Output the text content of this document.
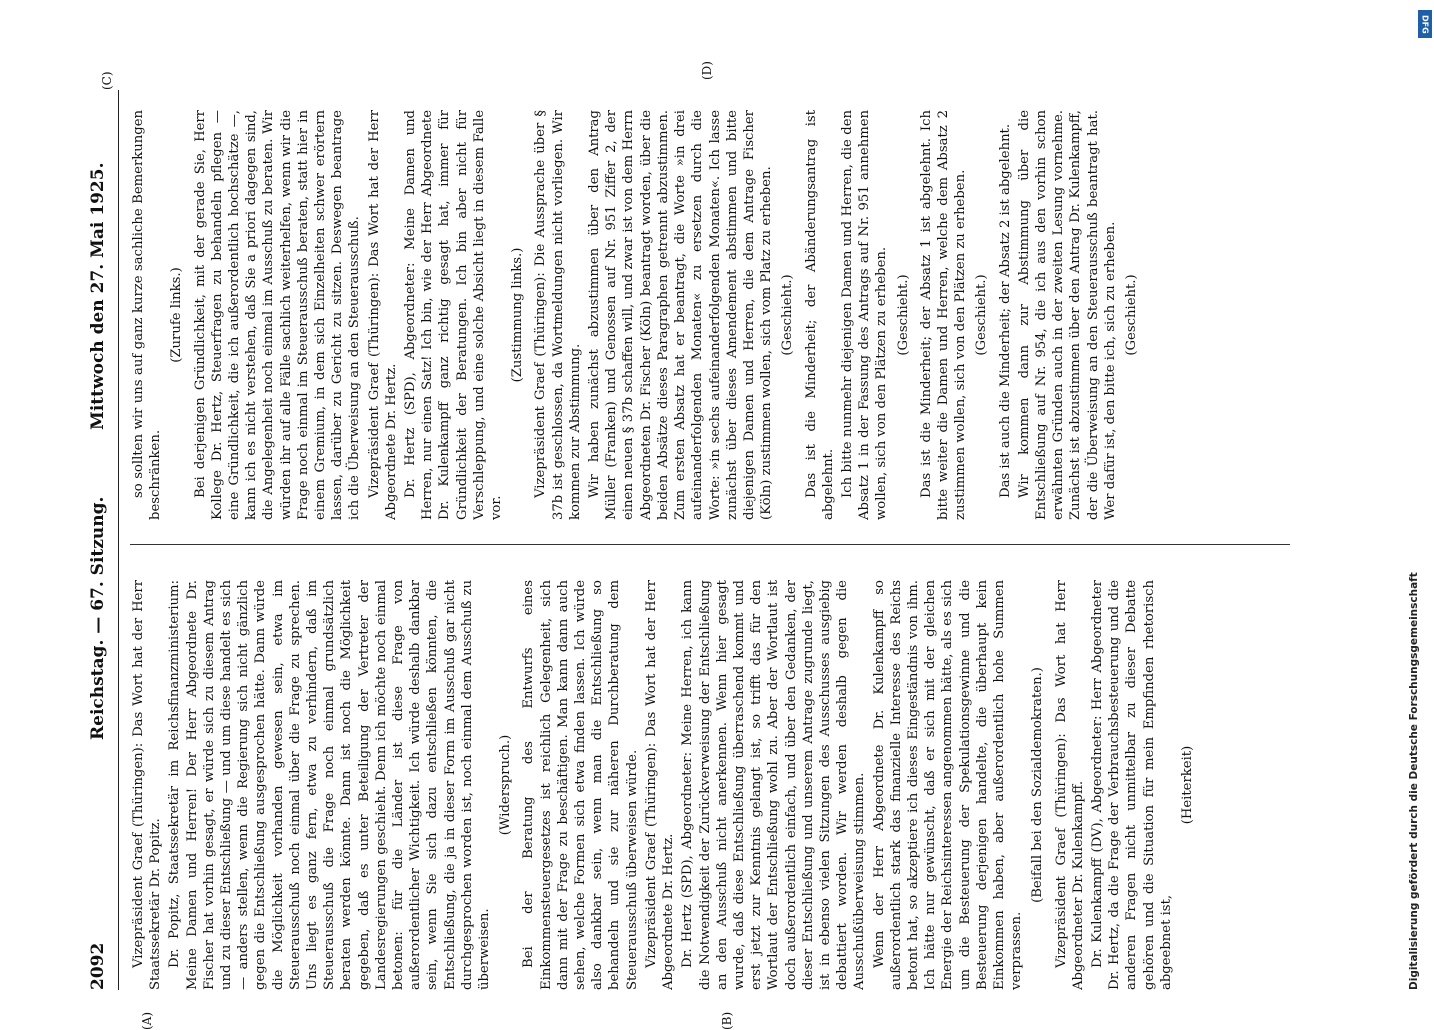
2092
Reichstag. — 67. Sitzung.
Mittwoch den 27. Mai 1925.
(A)	(B)
(C)
(D)

Vizepräsident Graef (Thüringen): Das Wort hat der Herr Staatssekretär Dr. Popitz. Dr. Popitz, Staatssekretär im Reichsfinanzministerium: Meine Damen und Herren! Der Herr Abgeordnete Dr. Fischer hat vorhin gesagt, er würde sich zu diesem Antrag und zu dieser Entschließung — und um diese handelt es sich — anders stellen, wenn die Regierung sich nicht gänzlich gegen die Entschließung ausgesprochen hätte. Dann würde die Möglichkeit vorhanden gewesen sein, etwa im Steuerausschuß noch einmal über die Frage zu sprechen. Uns liegt es ganz fern, etwa zu verhindern, daß im Steuerausschuß die Frage noch einmal grundsätzlich beraten werden könnte. Dann ist noch die Möglichkeit gegeben, daß es unter Beteiligung der Vertreter der Landesregierungen geschieht. Denn ich möchte noch einmal betonen: für die Länder ist diese Frage von außerordentlicher Wichtigkeit. Ich würde deshalb dankbar sein, wenn Sie sich dazu entschließen könnten, die Entschließung, die ja in dieser Form im Ausschuß gar nicht durchgesprochen worden ist, noch einmal dem Ausschuß zu überweisen.

(Widerspruch.) Bei der Beratung des Entwurfs eines Einkommensteuergesetzes ist reichlich Gelegenheit, sich dann mit der Frage zu beschäftigen. Man kann dann auch sehen, welche Formen sich etwa finden lassen. Ich würde also dankbar sein, wenn man die Entschließung so behandeln und sie zur näheren Durchberatung dem Steuerausschuß überweisen würde. Vizepräsident Graef (Thüringen): Das Wort hat der Herr Abgeordnete Dr. Hertz. Dr. Hertz (SPD), Abgeordneter: Meine Herren, ich kann die Notwendigkeit der Zurückverweisung der Entschließung an den Ausschuß nicht anerkennen. Wenn hier gesagt wurde, daß diese Entschließung überraschend kommt und erst jetzt zur Kenntnis gelangt ist, so trifft das für den Wortlaut der Entschließung wohl zu. Aber der Wortlaut ist doch außerordentlich einfach, und über den Gedanken, der dieser Entschließung und unserem Antrage zugrunde liegt, ist in ebenso vielen Sitzungen des Ausschusses ausgiebig debattiert worden. Wir werden deshalb gegen die Ausschußüberweisung stimmen. Wenn der Herr Abgeordnete Dr. Kulenkampff so außerordentlich stark das finanzielle Interesse des Reichs betont hat, so akzeptiere ich dieses Eingeständnis von ihm. Ich hätte nur gewünscht, daß er sich mit der gleichen Energie der Reichsinteressen angenommen hätte, als es sich um die Besteuerung der Spekulationsgewinne und die Besteuerung derjenigen handelte, die überhaupt kein Einkommen haben, aber außerordentlich hohe Summen verprassen.

(Beifall bei den Sozialdemokraten.) Vizepräsident Graef (Thüringen): Das Wort hat Herr Abgeordneter Dr. Kulenkampff. Dr. Kulenkampff (DV), Abgeordneter: Herr Abgeordneter Dr. Hertz, da die Frage der Verbrauchsbesteuerung und die anderen Fragen nicht unmittelbar zu dieser Debatte gehören und die Situation für mein Empfinden rhetorisch abgeebnet ist,

(Heiterkeit)

so sollten wir uns auf ganz kurze sachliche Bemerkungen beschränken.

(Zurufe links.) Bei derjenigen Gründlichkeit, mit der gerade Sie, Herr Kollege Dr. Hertz, Steuerfragen zu behandeln pflegen — eine Gründlichkeit, die ich außerordentlich hochschätze —, kann ich es nicht verstehen, daß Sie a priori dagegen sind, die Angelegenheit noch einmal im Ausschuß zu beraten. Wir würden ihr auf alle Fälle sachlich weiterhelfen, wenn wir die Frage noch einmal im Steuerausschuß beraten, statt hier in einem Gremium, in dem sich Einzelheiten schwer erörtern lassen, darüber zu Gericht zu sitzen. Deswegen beantrage ich die Überweisung an den Steuerausschuß. Vizepräsident Graef (Thüringen): Das Wort hat der Herr Abgeordnete Dr. Hertz. Dr. Hertz (SPD), Abgeordneter: Meine Damen und Herren, nur einen Satz! Ich bin, wie der Herr Abgeordnete Dr. Kulenkampff ganz richtig gesagt hat, immer für Gründlichkeit der Beratungen. Ich bin aber nicht für Verschleppung, und eine solche Absicht liegt in diesem Falle vor.

(Zustimmung links.) Vizepräsident Graef (Thüringen): Die Aussprache über § 37b ist geschlossen, da Wortmeldungen nicht vorliegen. Wir kommen zur Abstimmung. Wir haben zunächst abzustimmen über den Antrag Müller (Franken) und Genossen auf Nr. 951 Ziffer 2, der einen neuen § 37b schaffen will, und zwar ist von dem Herrn Abgeordneten Dr. Fischer (Köln) beantragt worden, über die beiden Absätze dieses Paragraphen getrennt abzustimmen. Zum ersten Absatz hat er beantragt, die Worte »in drei aufeinanderfolgenden Monaten« zu ersetzen durch die Worte: »in sechs aufeinanderfolgenden Monaten«. Ich lasse zunächst über dieses Amendement abstimmen und bitte diejenigen Damen und Herren, die dem Antrage Fischer (Köln) zustimmen wollen, sich vom Platz zu erheben. (Geschieht.) Das ist die Minderheit; der Abänderungsantrag ist abgelehnt. Ich bitte nunmehr diejenigen Damen und Herren, die den Absatz 1 in der Fassung des Antrags auf Nr. 951 annehmen wollen, sich von den Plätzen zu erheben. (Geschieht.) Das ist die Minderheit; der Absatz 1 ist abgelehnt. Ich bitte weiter die Damen und Herren, welche dem Absatz 2 zustimmen wollen, sich von den Plätzen zu erheben. (Geschieht.) Das ist auch die Minderheit; der Absatz 2 ist abgelehnt. Wir kommen dann zur Abstimmung über die Entschließung auf Nr. 954, die ich aus den vorhin schon erwähnten Gründen auch in der zweiten Lesung vornehme. Zunächst ist abzustimmen über den Antrag Dr. Kulenkampff, der die Überweisung an den Steuerausschuß beantragt hat. Wer dafür ist, den bitte ich, sich zu erheben. (Geschieht.)

Digitalisierung gefördert durch die Deutsche Forschungsgemeinschaft
DFG
